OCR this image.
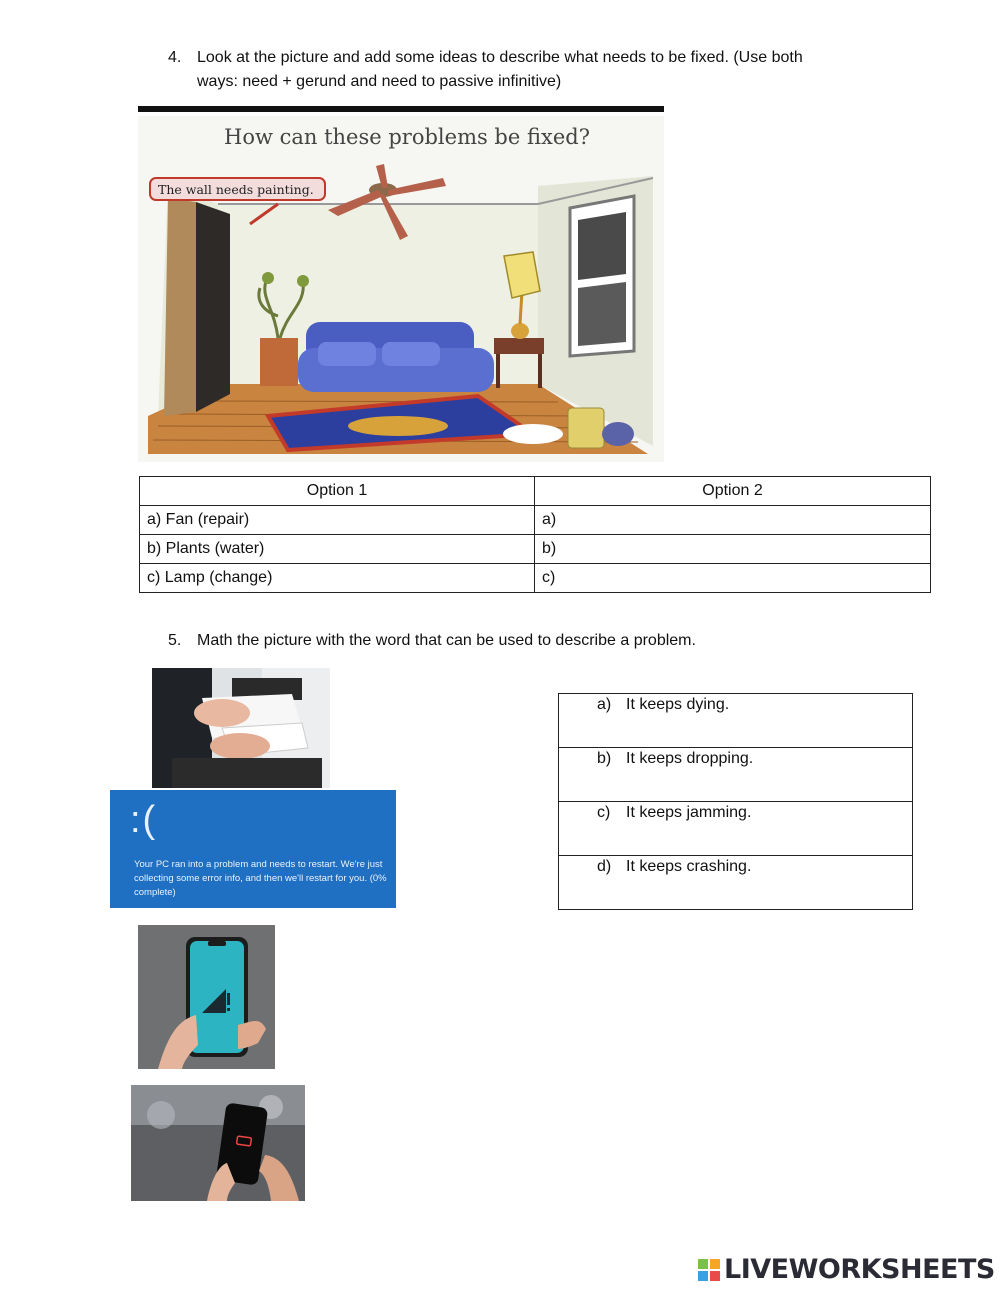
4. Look at the picture and add some ideas to describe what needs to be fixed. (Use both ways: need + gerund and need to passive infinitive)
How can these problems be fixed?
The wall needs painting.
Option 1	Option 2
a) Fan (repair)	a)
b) Plants (water)	b)
c) Lamp (change)	c)
5. Math the picture with the word that can be used to describe a problem.
:(
Your PC ran into a problem and needs to restart. We're just collecting some error info, and then we'll restart for you. (0% complete)
a) It keeps dying.
b) It keeps dropping.
c) It keeps jamming.
d) It keeps crashing.
LIVEWORKSHEETS
